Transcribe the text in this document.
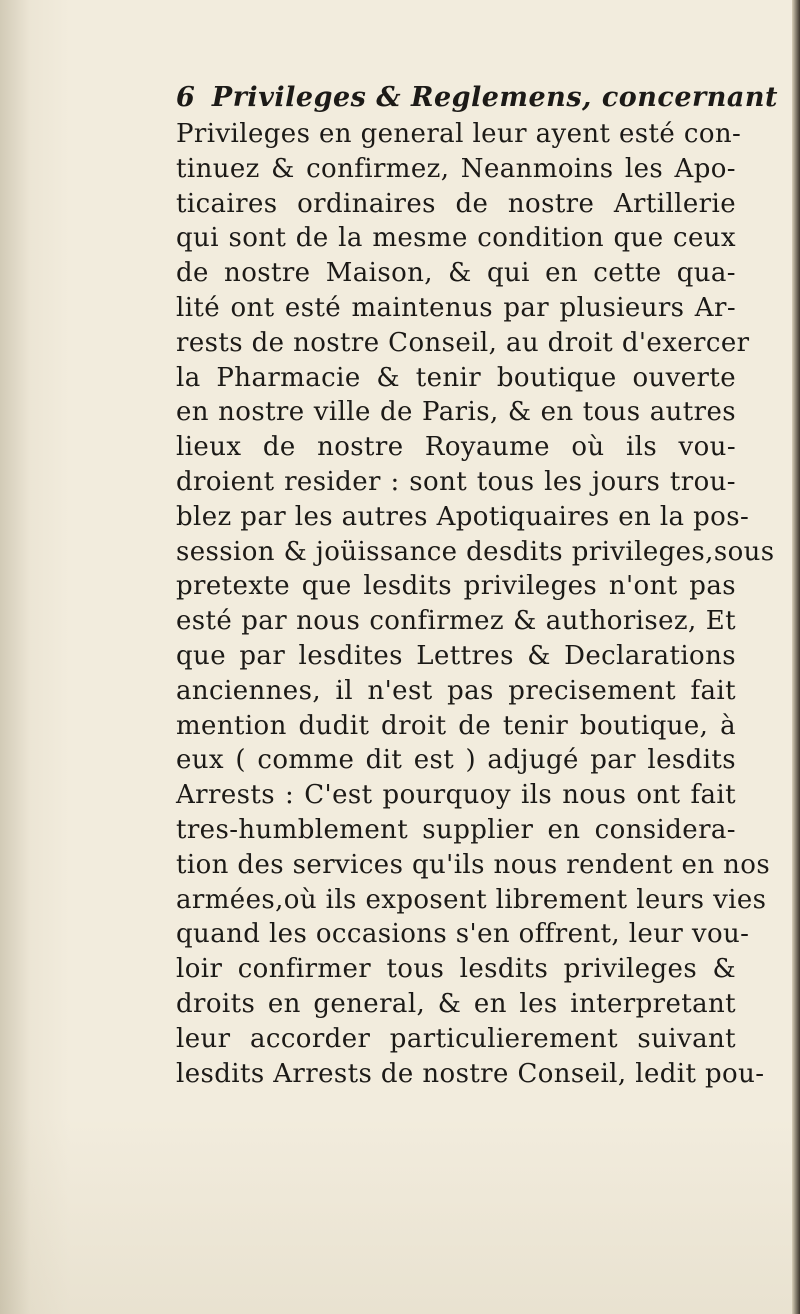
6 Privileges & Reglemens, concernant
Privileges en general leur ayent esté con-
tinuez & confirmez, Neanmoins les Apo-
ticaires ordinaires de nostre Artillerie
qui sont de la mesme condition que ceux
de nostre Maison, & qui en cette qua-
lité ont esté maintenus par plusieurs Ar-
rests de nostre Conseil, au droit d'exercer
la Pharmacie & tenir boutique ouverte
en nostre ville de Paris, & en tous autres
lieux de nostre Royaume où ils vou-
droient resider : sont tous les jours trou-
blez par les autres Apotiquaires en la pos-
session & joüissance desdits privileges,sous
pretexte que lesdits privileges n'ont pas
esté par nous confirmez & authorisez, Et
que par lesdites Lettres & Declarations
anciennes, il n'est pas precisement fait
mention dudit droit de tenir boutique, à
eux ( comme dit est ) adjugé par lesdits
Arrests : C'est pourquoy ils nous ont fait
tres-humblement supplier en considera-
tion des services qu'ils nous rendent en nos
armées,où ils exposent librement leurs vies
quand les occasions s'en offrent, leur vou-
loir confirmer tous lesdits privileges &
droits en general, & en les interpretant
leur accorder particulierement suivant
lesdits Arrests de nostre Conseil, ledit pou-
